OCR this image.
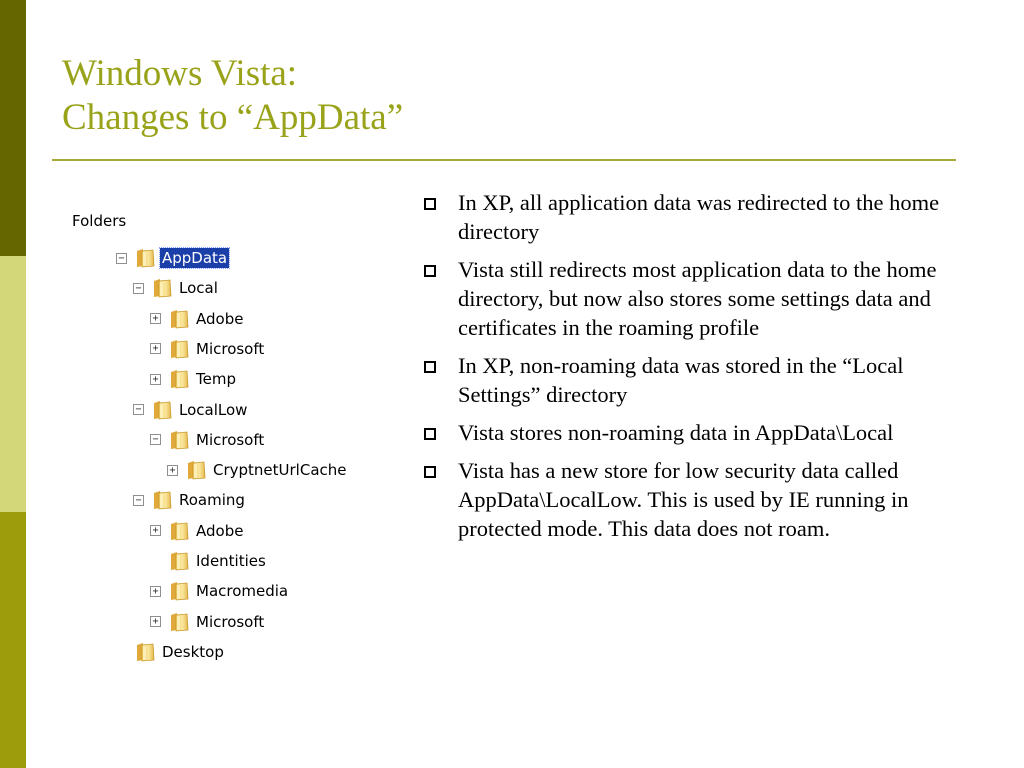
Windows Vista:
Changes to “AppData”
Folders
− AppData
− Local
+ Adobe
+ Microsoft
+ Temp
− LocalLow
− Microsoft
+ CryptnetUrlCache
− Roaming
+ Adobe
Identities
+ Macromedia
+ Microsoft
Desktop
In XP, all application data was redirected to the home directory
Vista still redirects most application data to the home directory, but now also stores some settings data and certificates in the roaming profile
In XP, non-roaming data was stored in the “Local Settings” directory
Vista stores non-roaming data in AppData\Local
Vista has a new store for low security data called AppData\LocalLow. This is used by IE running in protected mode. This data does not roam.
